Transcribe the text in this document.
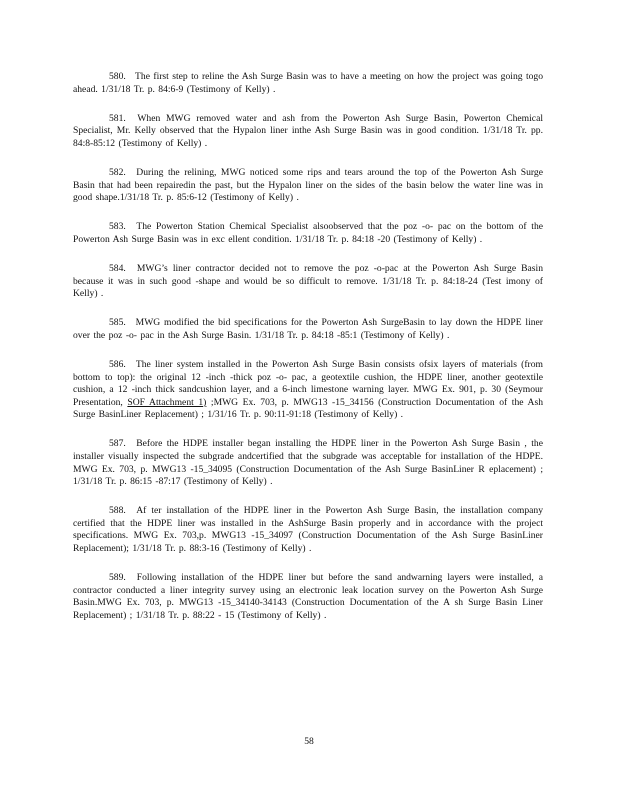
580. The first step to reline the Ash Surge Basin was to have a meeting on how the project was going togo ahead. 1/31/18 Tr. p. 84:6-9 (Testimony of Kelly) .

581. When MWG removed water and ash from the Powerton Ash Surge Basin, Powerton Chemical Specialist, Mr. Kelly observed that the Hypalon liner inthe Ash Surge Basin was in good condition. 1/31/18 Tr. pp. 84:8-85:12 (Testimony of Kelly) .

582. During the relining, MWG noticed some rips and tears around the top of the Powerton Ash Surge Basin that had been repairedin the past, but the Hypalon liner on the sides of the basin below the water line was in good shape.1/31/18 Tr. p. 85:6-12 (Testimony of Kelly) .

583. The Powerton Station Chemical Specialist alsoobserved that the poz -o- pac on the bottom of the Powerton Ash Surge Basin was in exc ellent condition. 1/31/18 Tr. p. 84:18 -20 (Testimony of Kelly) .

584. MWG’s liner contractor decided not to remove the poz -o-pac at the Powerton Ash Surge Basin because it was in such good -shape and would be so difficult to remove. 1/31/18 Tr. p. 84:18-24 (Test imony of Kelly) .

585. MWG modified the bid specifications for the Powerton Ash SurgeBasin to lay down the HDPE liner over the poz -o- pac in the Ash Surge Basin. 1/31/18 Tr. p. 84:18 -85:1 (Testimony of Kelly) .

586. The liner system installed in the Powerton Ash Surge Basin consists ofsix layers of materials (from bottom to top): the original 12 -inch -thick poz -o- pac, a geotextile cushion, the HDPE liner, another geotextile cushion, a 12 -inch thick sandcushion layer, and a 6-inch limestone warning layer. MWG Ex. 901, p. 30 (Seymour Presentation, SOF Attachment 1) ;MWG Ex. 703, p. MWG13 -15_34156 (Construction Documentation of the Ash Surge BasinLiner Replacement) ; 1/31/16 Tr. p. 90:11-91:18 (Testimony of Kelly) .

587. Before the HDPE installer began installing the HDPE liner in the Powerton Ash Surge Basin , the installer visually inspected the subgrade andcertified that the subgrade was acceptable for installation of the HDPE. MWG Ex. 703, p. MWG13 -15_34095 (Construction Documentation of the Ash Surge BasinLiner R eplacement) ; 1/31/18 Tr. p. 86:15 -87:17 (Testimony of Kelly) .

588. Af ter installation of the HDPE liner in the Powerton Ash Surge Basin, the installation company certified that the HDPE liner was installed in the AshSurge Basin properly and in accordance with the project specifications. MWG Ex. 703,p. MWG13 -15_34097 (Construction Documentation of the Ash Surge BasinLiner Replacement); 1/31/18 Tr. p. 88:3-16 (Testimony of Kelly) .

589. Following installation of the HDPE liner but before the sand andwarning layers were installed, a contractor conducted a liner integrity survey using an electronic leak location survey on the Powerton Ash Surge Basin.MWG Ex. 703, p. MWG13 -15_34140-34143 (Construction Documentation of the A sh Surge Basin Liner Replacement) ; 1/31/18 Tr. p. 88:22 - 15 (Testimony of Kelly) .

58
